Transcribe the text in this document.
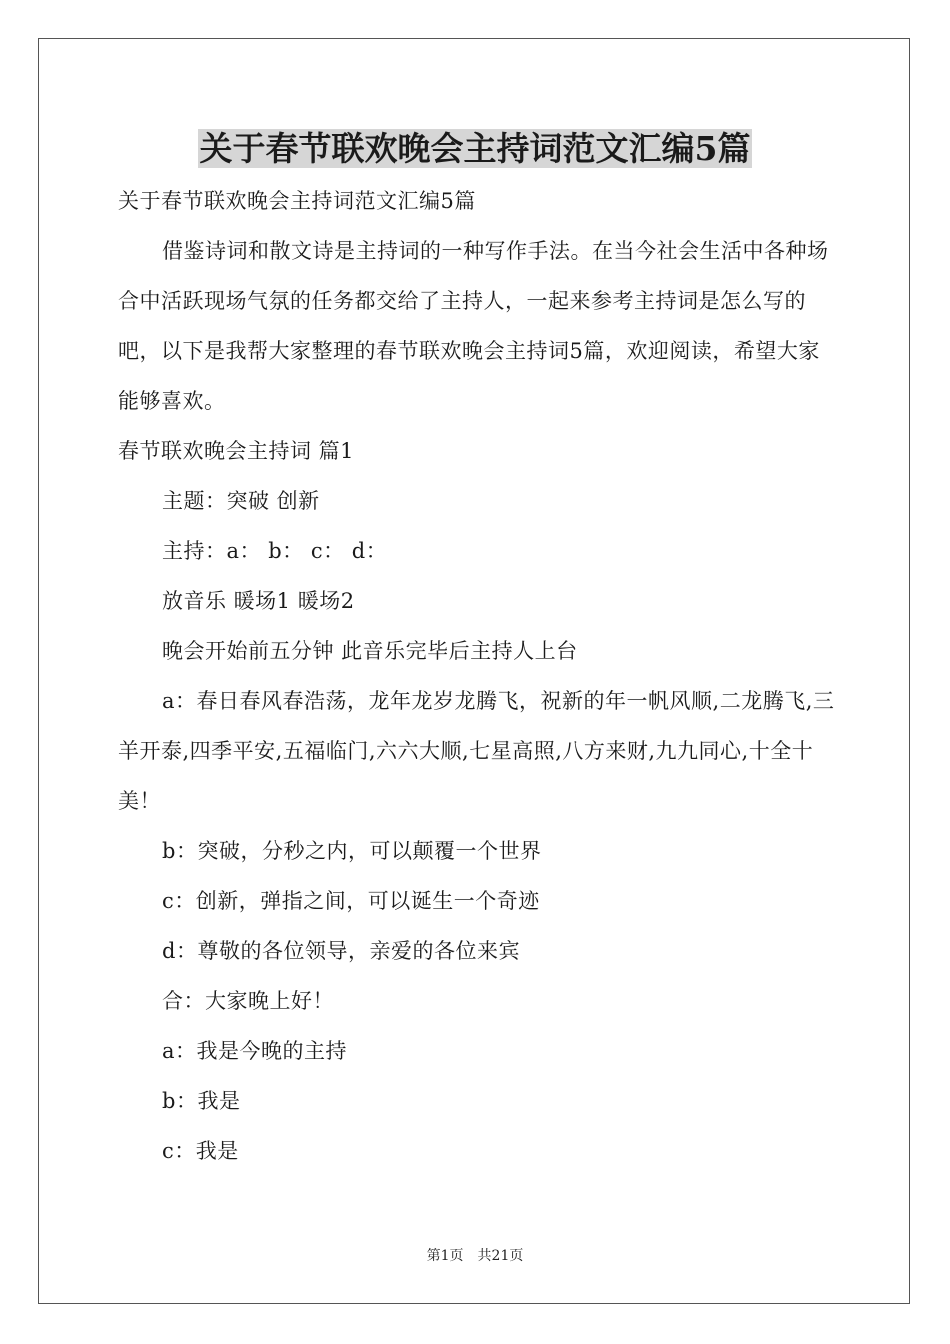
关于春节联欢晚会主持词范文汇编5篇

关于春节联欢晚会主持词范文汇编5篇

借鉴诗词和散文诗是主持词的一种写作手法。在当今社会生活中各种场合中活跃现场气氛的任务都交给了主持人，一起来参考主持词是怎么写的吧，以下是我帮大家整理的春节联欢晚会主持词5篇，欢迎阅读，希望大家能够喜欢。

春节联欢晚会主持词 篇1

主题：突破 创新

主持：a： b： c： d：

放音乐 暖场1 暖场2

晚会开始前五分钟 此音乐完毕后主持人上台

a：春日春风春浩荡，龙年龙岁龙腾飞，祝新的年一帆风顺,二龙腾飞,三羊开泰,四季平安,五福临门,六六大顺,七星高照,八方来财,九九同心,十全十美！

b：突破，分秒之内，可以颠覆一个世界

c：创新，弹指之间，可以诞生一个奇迹

d：尊敬的各位领导，亲爱的各位来宾

合：大家晚上好！

a：我是今晚的主持

b：我是

c：我是

第1页　共21页
